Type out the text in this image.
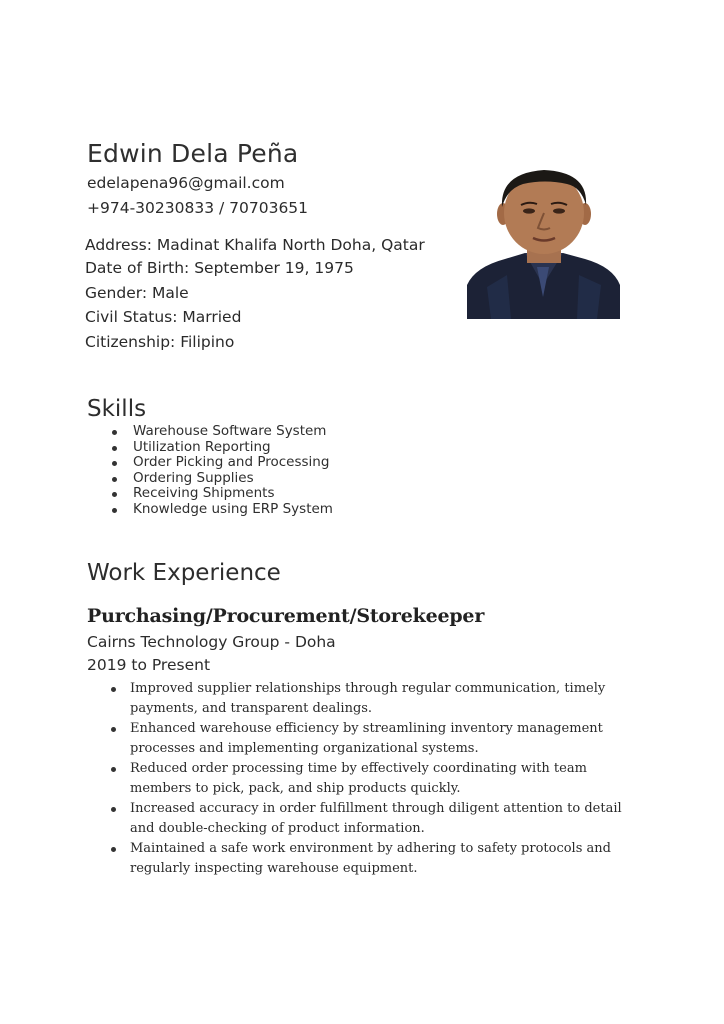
Edwin Dela Peña
edelapena96@gmail.com
+974-30230833 / 70703651
Address: Madinat Khalifa North Doha, Qatar
Date of Birth: September 19, 1975
Gender: Male
Civil Status: Married
Citizenship: Filipino
Skills
Warehouse Software System
Utilization Reporting
Order Picking and Processing
Ordering Supplies
Receiving Shipments
Knowledge using ERP System
Work Experience
Purchasing/Procurement/Storekeeper
Cairns Technology Group - Doha
2019 to Present
Improved supplier relationships through regular communication, timely payments, and transparent dealings.
Enhanced warehouse efficiency by streamlining inventory management processes and implementing organizational systems.
Reduced order processing time by effectively coordinating with team members to pick, pack, and ship products quickly.
Increased accuracy in order fulfillment through diligent attention to detail and double-checking of product information.
Maintained a safe work environment by adhering to safety protocols and regularly inspecting warehouse equipment.
